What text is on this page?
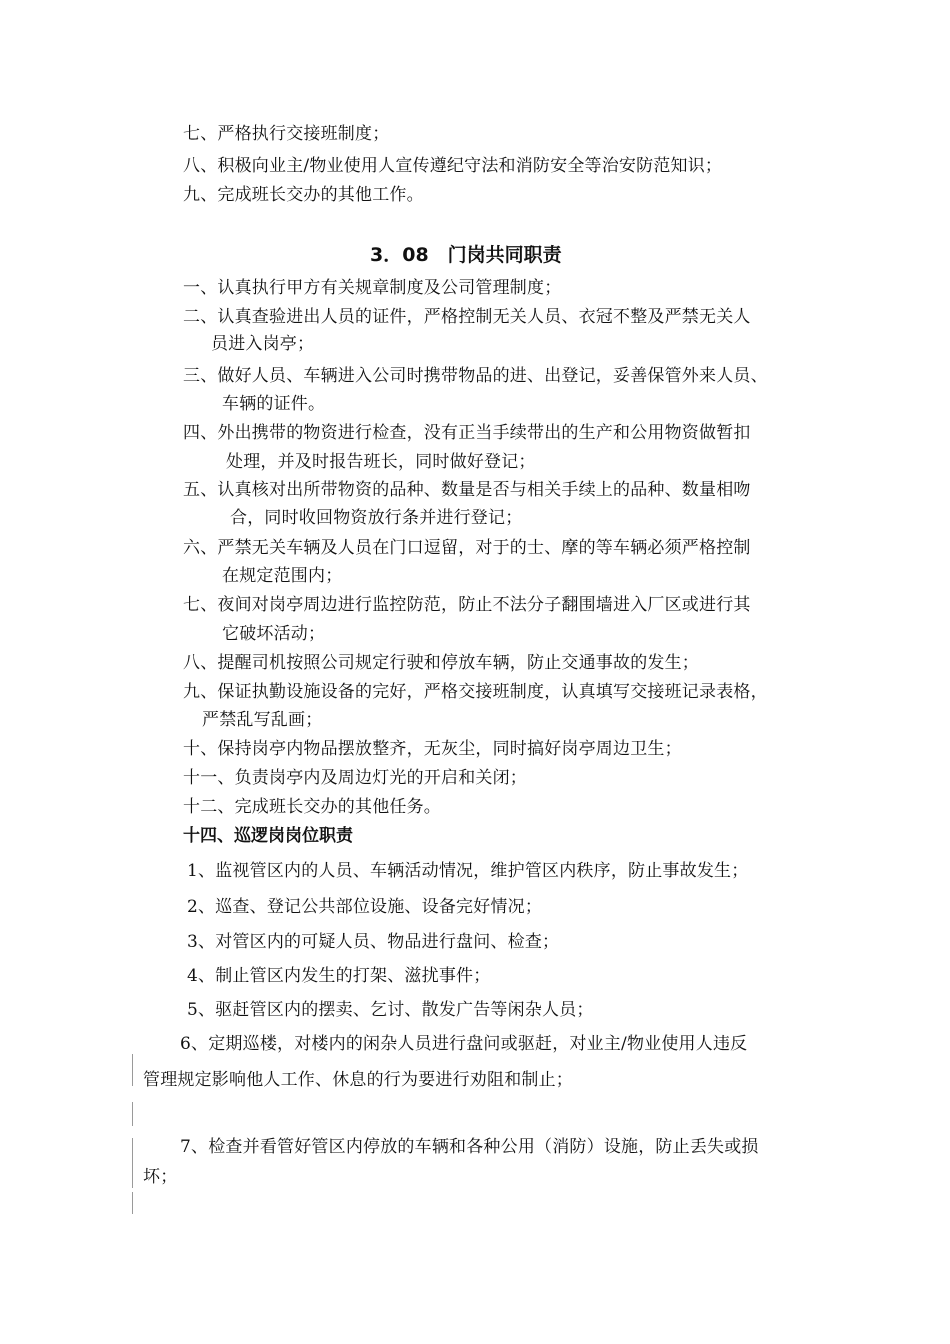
七、严格执行交接班制度；
八、积极向业主/物业使用人宣传遵纪守法和消防安全等治安防范知识；
九、完成班长交办的其他工作。
3．08　门岗共同职责
一、认真执行甲方有关规章制度及公司管理制度；
二、认真查验进出人员的证件，严格控制无关人员、衣冠不整及严禁无关人
员进入岗亭；
三、做好人员、车辆进入公司时携带物品的进、出登记，妥善保管外来人员、
车辆的证件。
四、外出携带的物资进行检查，没有正当手续带出的生产和公用物资做暂扣
处理，并及时报告班长，同时做好登记；
五、认真核对出所带物资的品种、数量是否与相关手续上的品种、数量相吻
合，同时收回物资放行条并进行登记；
六、严禁无关车辆及人员在门口逗留，对于的士、摩的等车辆必须严格控制
在规定范围内；
七、夜间对岗亭周边进行监控防范，防止不法分子翻围墙进入厂区或进行其
它破坏活动；
八、提醒司机按照公司规定行驶和停放车辆，防止交通事故的发生；
九、保证执勤设施设备的完好，严格交接班制度，认真填写交接班记录表格，
严禁乱写乱画；
十、保持岗亭内物品摆放整齐，无灰尘，同时搞好岗亭周边卫生；
十一、负责岗亭内及周边灯光的开启和关闭；
十二、完成班长交办的其他任务。
十四、巡逻岗岗位职责
1、监视管区内的人员、车辆活动情况，维护管区内秩序，防止事故发生；
2、巡查、登记公共部位设施、设备完好情况；
3、对管区内的可疑人员、物品进行盘问、检查；
4、制止管区内发生的打架、滋扰事件；
5、驱赶管区内的摆卖、乞讨、散发广告等闲杂人员；
6、定期巡楼，对楼内的闲杂人员进行盘问或驱赶，对业主/物业使用人违反
管理规定影响他人工作、休息的行为要进行劝阻和制止；
7、检查并看管好管区内停放的车辆和各种公用（消防）设施，防止丢失或损
坏；
